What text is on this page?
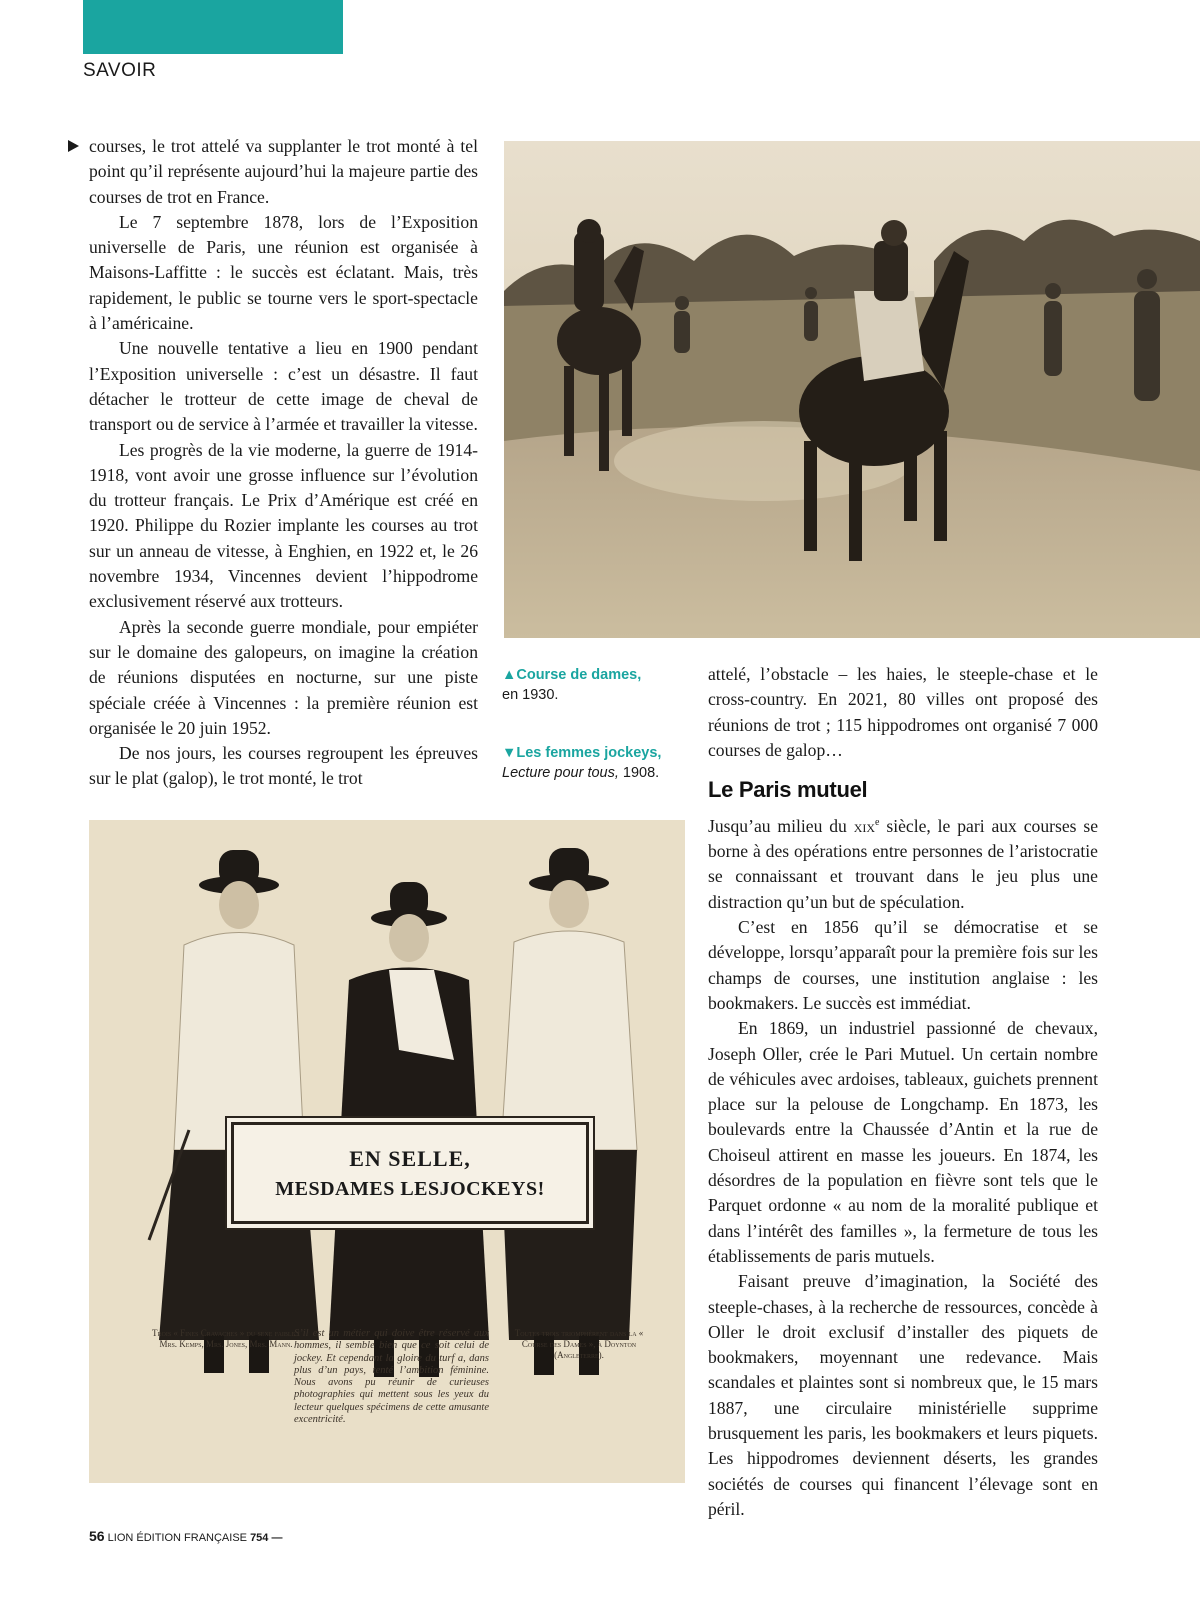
SAVOIR

courses, le trot attelé va supplanter le trot monté à tel point qu’il représente aujourd’hui la majeure partie des courses de trot en France.

Le 7 septembre 1878, lors de l’Exposition universelle de Paris, une réunion est organisée à Maisons-Laffitte : le succès est éclatant. Mais, très rapidement, le public se tourne vers le sport-spectacle à l’américaine.

Une nouvelle tentative a lieu en 1900 pendant l’Exposition universelle : c’est un désastre. Il faut détacher le trotteur de cette image de cheval de transport ou de service à l’armée et travailler la vitesse.

Les progrès de la vie moderne, la guerre de 1914-1918, vont avoir une grosse influence sur l’évolution du trotteur français. Le Prix d’Amérique est créé en 1920. Philippe du Rozier implante les courses au trot sur un anneau de vitesse, à Enghien, en 1922 et, le 26 novembre 1934, Vincennes devient l’hippodrome exclusivement réservé aux trotteurs.

Après la seconde guerre mondiale, pour empiéter sur le domaine des galopeurs, on imagine la création de réunions disputées en nocturne, sur une piste spéciale créée à Vincennes : la première réunion est organisée le 20 juin 1952.

De nos jours, les courses regroupent les épreuves sur le plat (galop), le trot monté, le trot

▲Course de dames,
en 1930.
▼Les femmes jockeys,
Lecture pour tous, 1908.
EN SELLE,
MESDAMES LESJOCKEYS!
Trois « Fines Cravaches » du sexe faible : Mrs. Kemps, Mrs. Jones, Mrs. Mann.
S’il est un métier qui doive être réservé aux hommes, il semble bien que ce soit celui de jockey. Et cependant la gloire du turf a, dans plus d’un pays, tenté l’ambition féminine. Nous avons pu réunir de curieuses photographies qui mettent sous les yeux du lecteur quelques spécimens de cette amusante excentricité.
Toutes trois triomphèrent dans la « Course des Dames », à Doynton (Angleterre).

attelé, l’obstacle – les haies, le steeple-chase et le cross-country. En 2021, 80 villes ont proposé des réunions de trot ; 115 hippodromes ont organisé 7 000 courses de galop…

Le Paris mutuel

Jusqu’au milieu du xix$^e$ siècle, le pari aux courses se borne à des opérations entre personnes de l’aristocratie se connaissant et trouvant dans le jeu plus une distraction qu’un but de spéculation.

C’est en 1856 qu’il se démocratise et se développe, lorsqu’apparaît pour la première fois sur les champs de courses, une institution anglaise : les bookmakers. Le succès est immédiat.

En 1869, un industriel passionné de chevaux, Joseph Oller, crée le Pari Mutuel. Un certain nombre de véhicules avec ardoises, tableaux, guichets prennent place sur la pelouse de Longchamp. En 1873, les boulevards entre la Chaussée d’Antin et la rue de Choiseul attirent en masse les joueurs. En 1874, les désordres de la population en fièvre sont tels que le Parquet ordonne « au nom de la moralité publique et dans l’intérêt des familles », la fermeture de tous les établissements de paris mutuels.

Faisant preuve d’imagination, la Société des steeple-chases, à la recherche de ressources, concède à Oller le droit exclusif d’installer des piquets de bookmakers, moyennant une redevance. Mais scandales et plaintes sont si nombreux que, le 15 mars 1887, une circulaire ministérielle supprime brusquement les paris, les bookmakers et leurs piquets. Les hippodromes deviennent déserts, les grandes sociétés de courses qui financent l’élevage sont en péril.

56 LION ÉDITION FRANÇAISE 754 —
